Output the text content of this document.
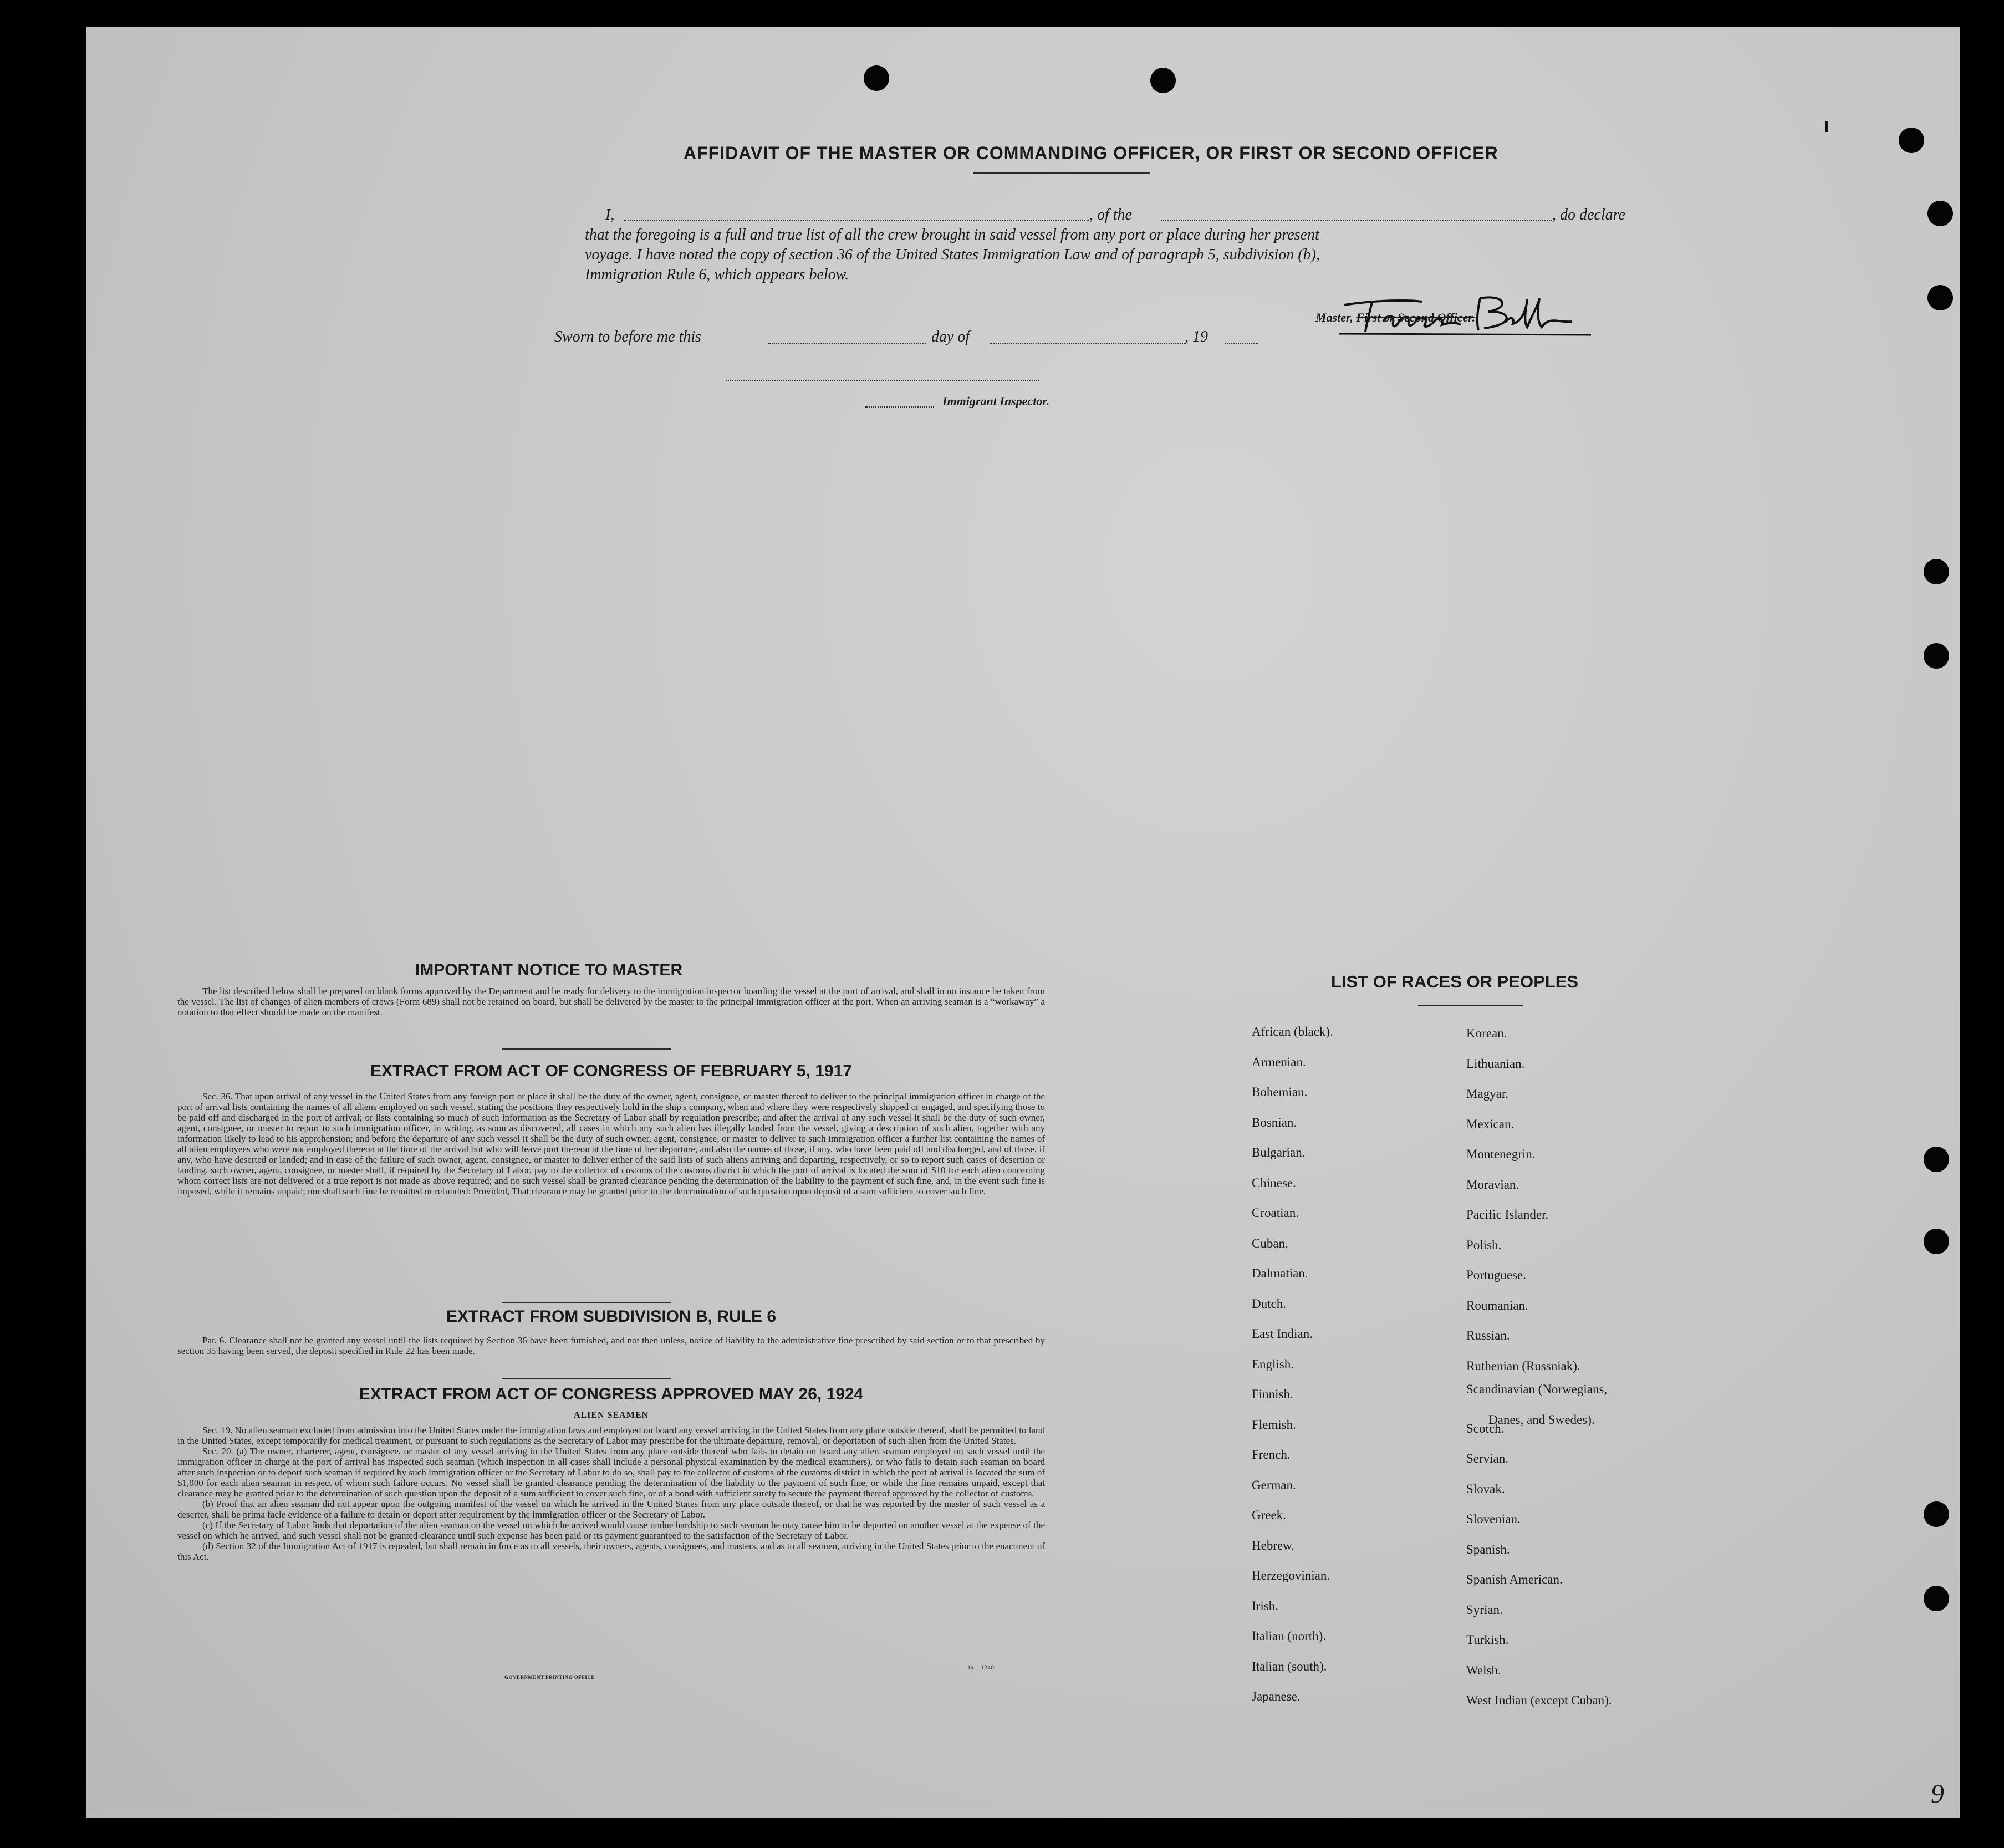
AFFIDAVIT OF THE MASTER OR COMMANDING OFFICER, OR FIRST OR SECOND OFFICER
I,	, of the	, do declare
that the foregoing is a full and true list of all the crew brought in said vessel from any port or place during her present
voyage. I have noted the copy of section 36 of the United States Immigration Law and of paragraph 5, subdivision (b),
Immigration Rule 6, which appears below.
Master, First or Second Officer.
Sworn to before me this	day of	, 19
Immigrant Inspector.
IMPORTANT NOTICE TO MASTER
The list described below shall be prepared on blank forms approved by the Department and be ready for delivery to the immigration inspector boarding the vessel at the port of arrival, and shall in no instance be taken from the vessel. The list of changes of alien members of crews (Form 689) shall not be retained on board, but shall be delivered by the master to the principal immigration officer at the port. When an arriving seaman is a “workaway” a notation to that effect should be made on the manifest.
EXTRACT FROM ACT OF CONGRESS OF FEBRUARY 5, 1917
Sec. 36. That upon arrival of any vessel in the United States from any foreign port or place it shall be the duty of the owner, agent, consignee, or master thereof to deliver to the principal immigration officer in charge of the port of arrival lists containing the names of all aliens employed on such vessel, stating the positions they respectively hold in the ship's company, when and where they were respectively shipped or engaged, and specifying those to be paid off and discharged in the port of arrival; or lists containing so much of such information as the Secretary of Labor shall by regulation prescribe; and after the arrival of any such vessel it shall be the duty of such owner, agent, consignee, or master to report to such immigration officer, in writing, as soon as discovered, all cases in which any such alien has illegally landed from the vessel, giving a description of such alien, together with any information likely to lead to his apprehension; and before the departure of any such vessel it shall be the duty of such owner, agent, consignee, or master to deliver to such immigration officer a further list containing the names of all alien employees who were not employed thereon at the time of the arrival but who will leave port thereon at the time of her departure, and also the names of those, if any, who have been paid off and discharged, and of those, if any, who have deserted or landed; and in case of the failure of such owner, agent, consignee, or master to deliver either of the said lists of such aliens arriving and departing, respectively, or so to report such cases of desertion or landing, such owner, agent, consignee, or master shall, if required by the Secretary of Labor, pay to the collector of customs of the customs district in which the port of arrival is located the sum of $10 for each alien concerning whom correct lists are not delivered or a true report is not made as above required; and no such vessel shall be granted clearance pending the determination of the liability to the payment of such fine, and, in the event such fine is imposed, while it remains unpaid; nor shall such fine be remitted or refunded: Provided, That clearance may be granted prior to the determination of such question upon deposit of a sum sufficient to cover such fine.
EXTRACT FROM SUBDIVISION B, RULE 6
Par. 6. Clearance shall not be granted any vessel until the lists required by Section 36 have been furnished, and not then unless, notice of liability to the administrative fine prescribed by said section or to that prescribed by section 35 having been served, the deposit specified in Rule 22 has been made.
EXTRACT FROM ACT OF CONGRESS APPROVED MAY 26, 1924
ALIEN SEAMEN
Sec. 19. No alien seaman excluded from admission into the United States under the immigration laws and employed on board any vessel arriving in the United States from any place outside thereof, shall be permitted to land in the United States, except temporarily for medical treatment, or pursuant to such regulations as the Secretary of Labor may prescribe for the ultimate departure, removal, or deportation of such alien from the United States.
Sec. 20. (a) The owner, charterer, agent, consignee, or master of any vessel arriving in the United States from any place outside thereof who fails to detain on board any alien seaman employed on such vessel until the immigration officer in charge at the port of arrival has inspected such seaman (which inspection in all cases shall include a personal physical examination by the medical examiners), or who fails to detain such seaman on board after such inspection or to deport such seaman if required by such immigration officer or the Secretary of Labor to do so, shall pay to the collector of customs of the customs district in which the port of arrival is located the sum of $1,000 for each alien seaman in respect of whom such failure occurs. No vessel shall be granted clearance pending the determination of the liability to the payment of such fine, or while the fine remains unpaid, except that clearance may be granted prior to the determination of such question upon the deposit of a sum sufficient to cover such fine, or of a bond with sufficient surety to secure the payment thereof approved by the collector of customs.
(b) Proof that an alien seaman did not appear upon the outgoing manifest of the vessel on which he arrived in the United States from any place outside thereof, or that he was reported by the master of such vessel as a deserter, shall be prima facie evidence of a failure to detain or deport after requirement by the immigration officer or the Secretary of Labor.
(c) If the Secretary of Labor finds that deportation of the alien seaman on the vessel on which he arrived would cause undue hardship to such seaman he may cause him to be deported on another vessel at the expense of the vessel on which he arrived, and such vessel shall not be granted clearance until such expense has been paid or its payment guaranteed to the satisfaction of the Secretary of Labor.
(d) Section 32 of the Immigration Act of 1917 is repealed, but shall remain in force as to all vessels, their owners, agents, consignees, and masters, and as to all seamen, arriving in the United States prior to the enactment of this Act.
14—1240
GOVERNMENT PRINTING OFFICE
LIST OF RACES OR PEOPLES
African (black).
Armenian.
Bohemian.
Bosnian.
Bulgarian.
Chinese.
Croatian.
Cuban.
Dalmatian.
Dutch.
East Indian.
English.
Finnish.
Flemish.
French.
German.
Greek.
Hebrew.
Herzegovinian.
Irish.
Italian (north).
Italian (south).
Japanese.
Korean.
Lithuanian.
Magyar.
Mexican.
Montenegrin.
Moravian.
Pacific Islander.
Polish.
Portuguese.
Roumanian.
Russian.
Ruthenian (Russniak).
Scandinavian (Norwegians,
Danes, and Swedes).
Scotch.
Servian.
Slovak.
Slovenian.
Spanish.
Spanish American.
Syrian.
Turkish.
Welsh.
West Indian (except Cuban).
9
